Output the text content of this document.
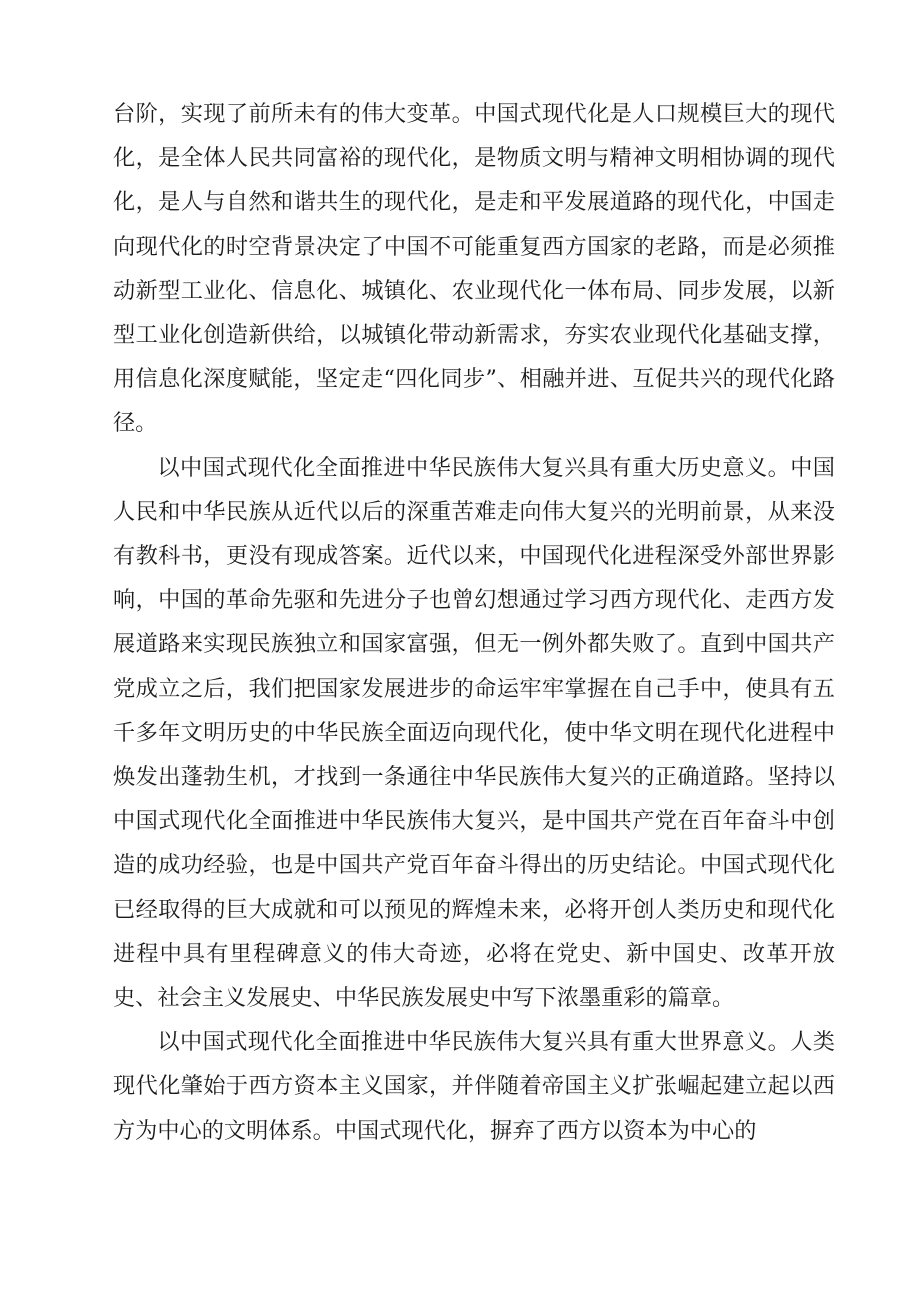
台阶，实现了前所未有的伟大变革。中国式现代化是人口规模巨大的现代化，是全体人民共同富裕的现代化，是物质文明与精神文明相协调的现代化，是人与自然和谐共生的现代化，是走和平发展道路的现代化，中国走向现代化的时空背景决定了中国不可能重复西方国家的老路，而是必须推动新型工业化、信息化、城镇化、农业现代化一体布局、同步发展，以新型工业化创造新供给，以城镇化带动新需求，夯实农业现代化基础支撑，用信息化深度赋能，坚定走“四化同步”、相融并进、互促共兴的现代化路径。

以中国式现代化全面推进中华民族伟大复兴具有重大历史意义。中国人民和中华民族从近代以后的深重苦难走向伟大复兴的光明前景，从来没有教科书，更没有现成答案。近代以来，中国现代化进程深受外部世界影响，中国的革命先驱和先进分子也曾幻想通过学习西方现代化、走西方发展道路来实现民族独立和国家富强，但无一例外都失败了。直到中国共产党成立之后，我们把国家发展进步的命运牢牢掌握在自己手中，使具有五千多年文明历史的中华民族全面迈向现代化，使中华文明在现代化进程中焕发出蓬勃生机，才找到一条通往中华民族伟大复兴的正确道路。坚持以中国式现代化全面推进中华民族伟大复兴，是中国共产党在百年奋斗中创造的成功经验，也是中国共产党百年奋斗得出的历史结论。中国式现代化已经取得的巨大成就和可以预见的辉煌未来，必将开创人类历史和现代化进程中具有里程碑意义的伟大奇迹，必将在党史、新中国史、改革开放史、社会主义发展史、中华民族发展史中写下浓墨重彩的篇章。

以中国式现代化全面推进中华民族伟大复兴具有重大世界意义。人类现代化肇始于西方资本主义国家，并伴随着帝国主义扩张崛起建立起以西方为中心的文明体系。中国式现代化，摒弃了西方以资本为中心的
